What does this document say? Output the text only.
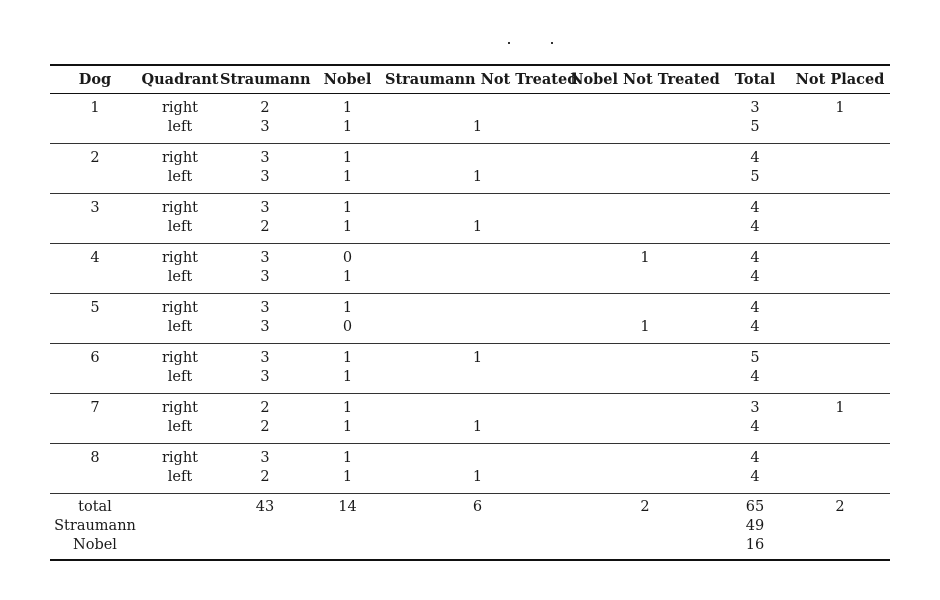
Dog	Quadrant	Straumann	Nobel	Straumann Not Treated	Nobel Not Treated	Total	Not Placed
1	right	2	1			3	1
	left	3	1	1		5	
2	right	3	1			4	
	left	3	1	1		5	
3	right	3	1			4	
	left	2	1	1		4	
4	right	3	0		1	4	
	left	3	1			4	
5	right	3	1			4	
	left	3	0		1	4	
6	right	3	1	1		5	
	left	3	1			4	
7	right	2	1			3	1
	left	2	1	1		4	
8	right	3	1			4	
	left	2	1	1		4	
total		43	14	6	2	65	2
Straumann						49	
Nobel						16	
